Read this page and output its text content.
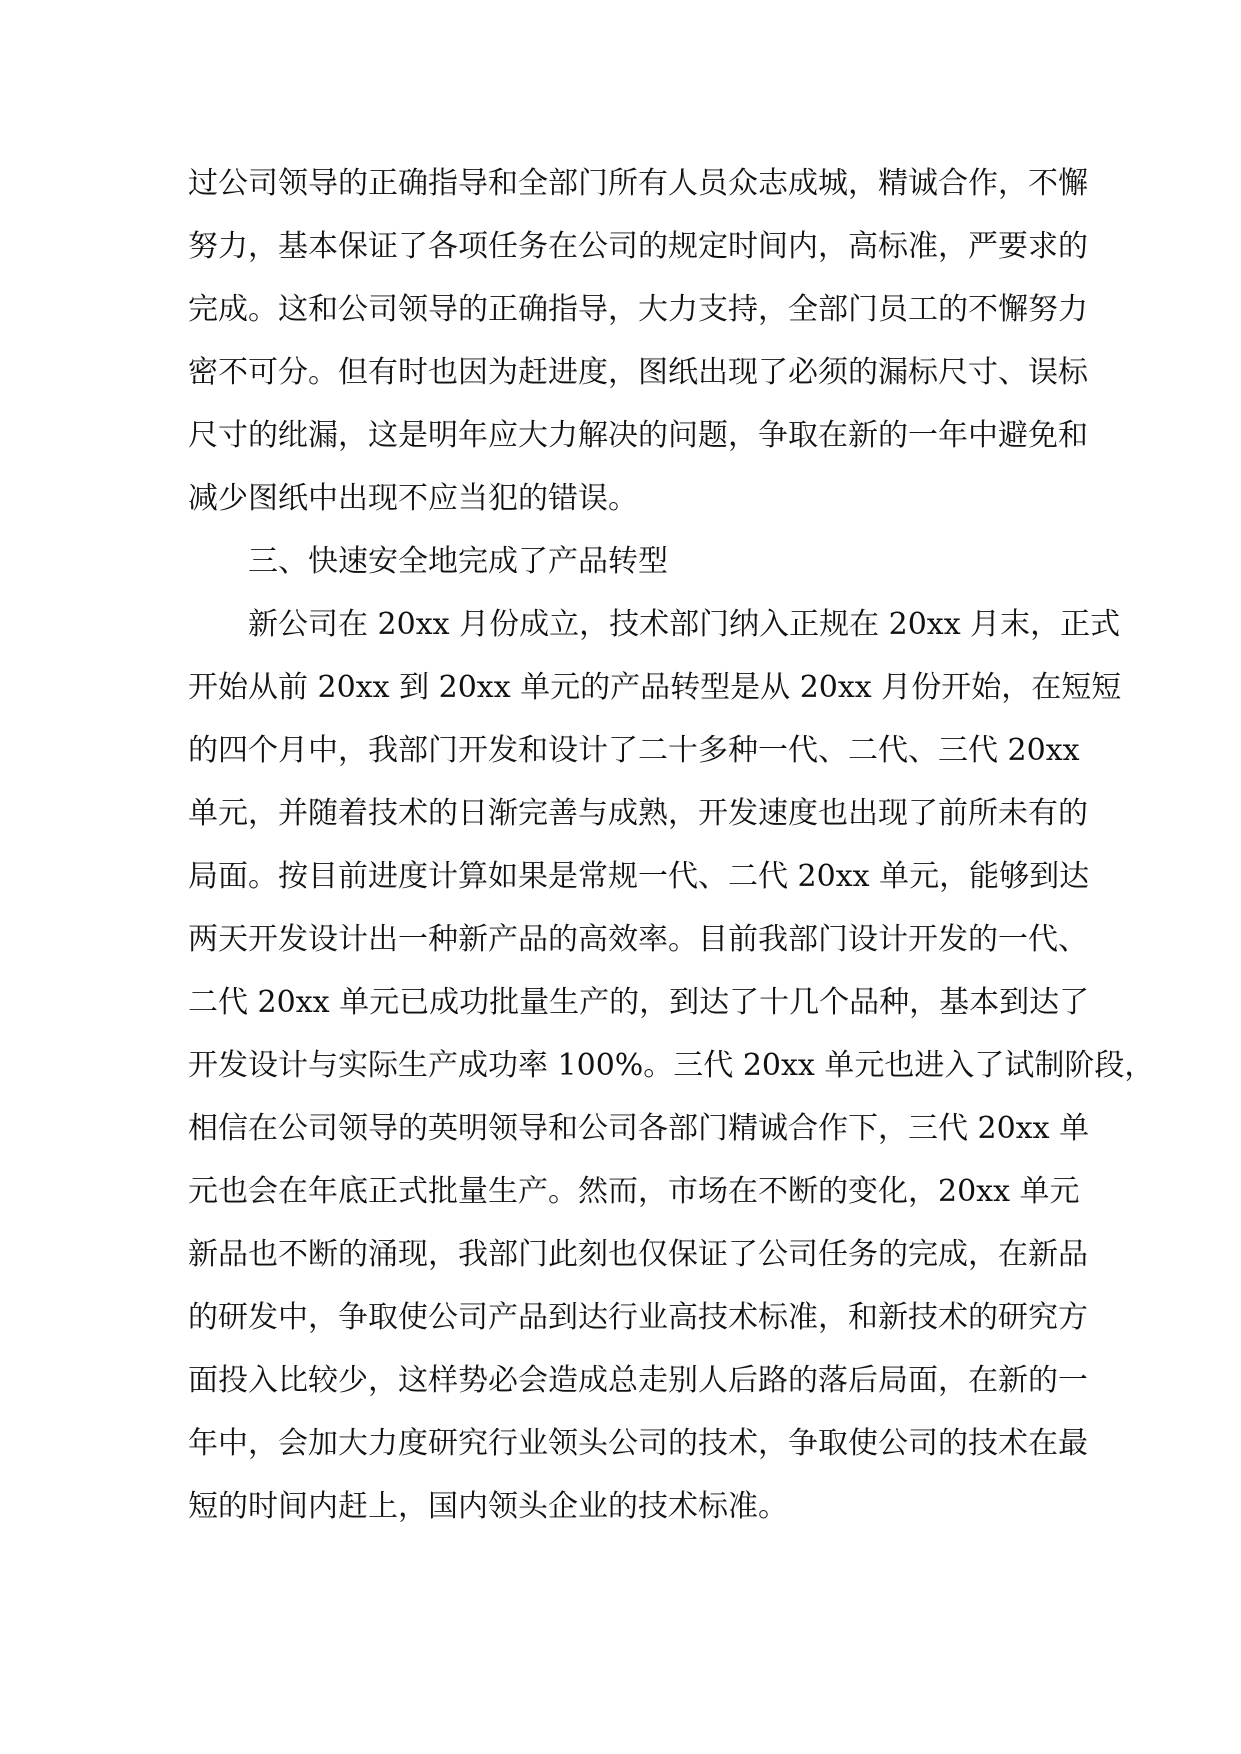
过公司领导的正确指导和全部门所有人员众志成城，精诚合作，不懈
努力，基本保证了各项任务在公司的规定时间内，高标准，严要求的
完成。这和公司领导的正确指导，大力支持，全部门员工的不懈努力
密不可分。但有时也因为赶进度，图纸出现了必须的漏标尺寸、误标
尺寸的纰漏，这是明年应大力解决的问题，争取在新的一年中避免和
减少图纸中出现不应当犯的错误。
三、快速安全地完成了产品转型
新公司在 20xx 月份成立，技术部门纳入正规在 20xx 月末，正式
开始从前 20xx 到 20xx 单元的产品转型是从 20xx 月份开始，在短短
的四个月中，我部门开发和设计了二十多种一代、二代、三代 20xx
单元，并随着技术的日渐完善与成熟，开发速度也出现了前所未有的
局面。按目前进度计算如果是常规一代、二代 20xx 单元，能够到达
两天开发设计出一种新产品的高效率。目前我部门设计开发的一代、
二代 20xx 单元已成功批量生产的，到达了十几个品种，基本到达了
开发设计与实际生产成功率 100%。三代 20xx 单元也进入了试制阶段，
相信在公司领导的英明领导和公司各部门精诚合作下，三代 20xx 单
元也会在年底正式批量生产。然而，市场在不断的变化，20xx 单元
新品也不断的涌现，我部门此刻也仅保证了公司任务的完成，在新品
的研发中，争取使公司产品到达行业高技术标准，和新技术的研究方
面投入比较少，这样势必会造成总走别人后路的落后局面，在新的一
年中，会加大力度研究行业领头公司的技术，争取使公司的技术在最
短的时间内赶上，国内领头企业的技术标准。
